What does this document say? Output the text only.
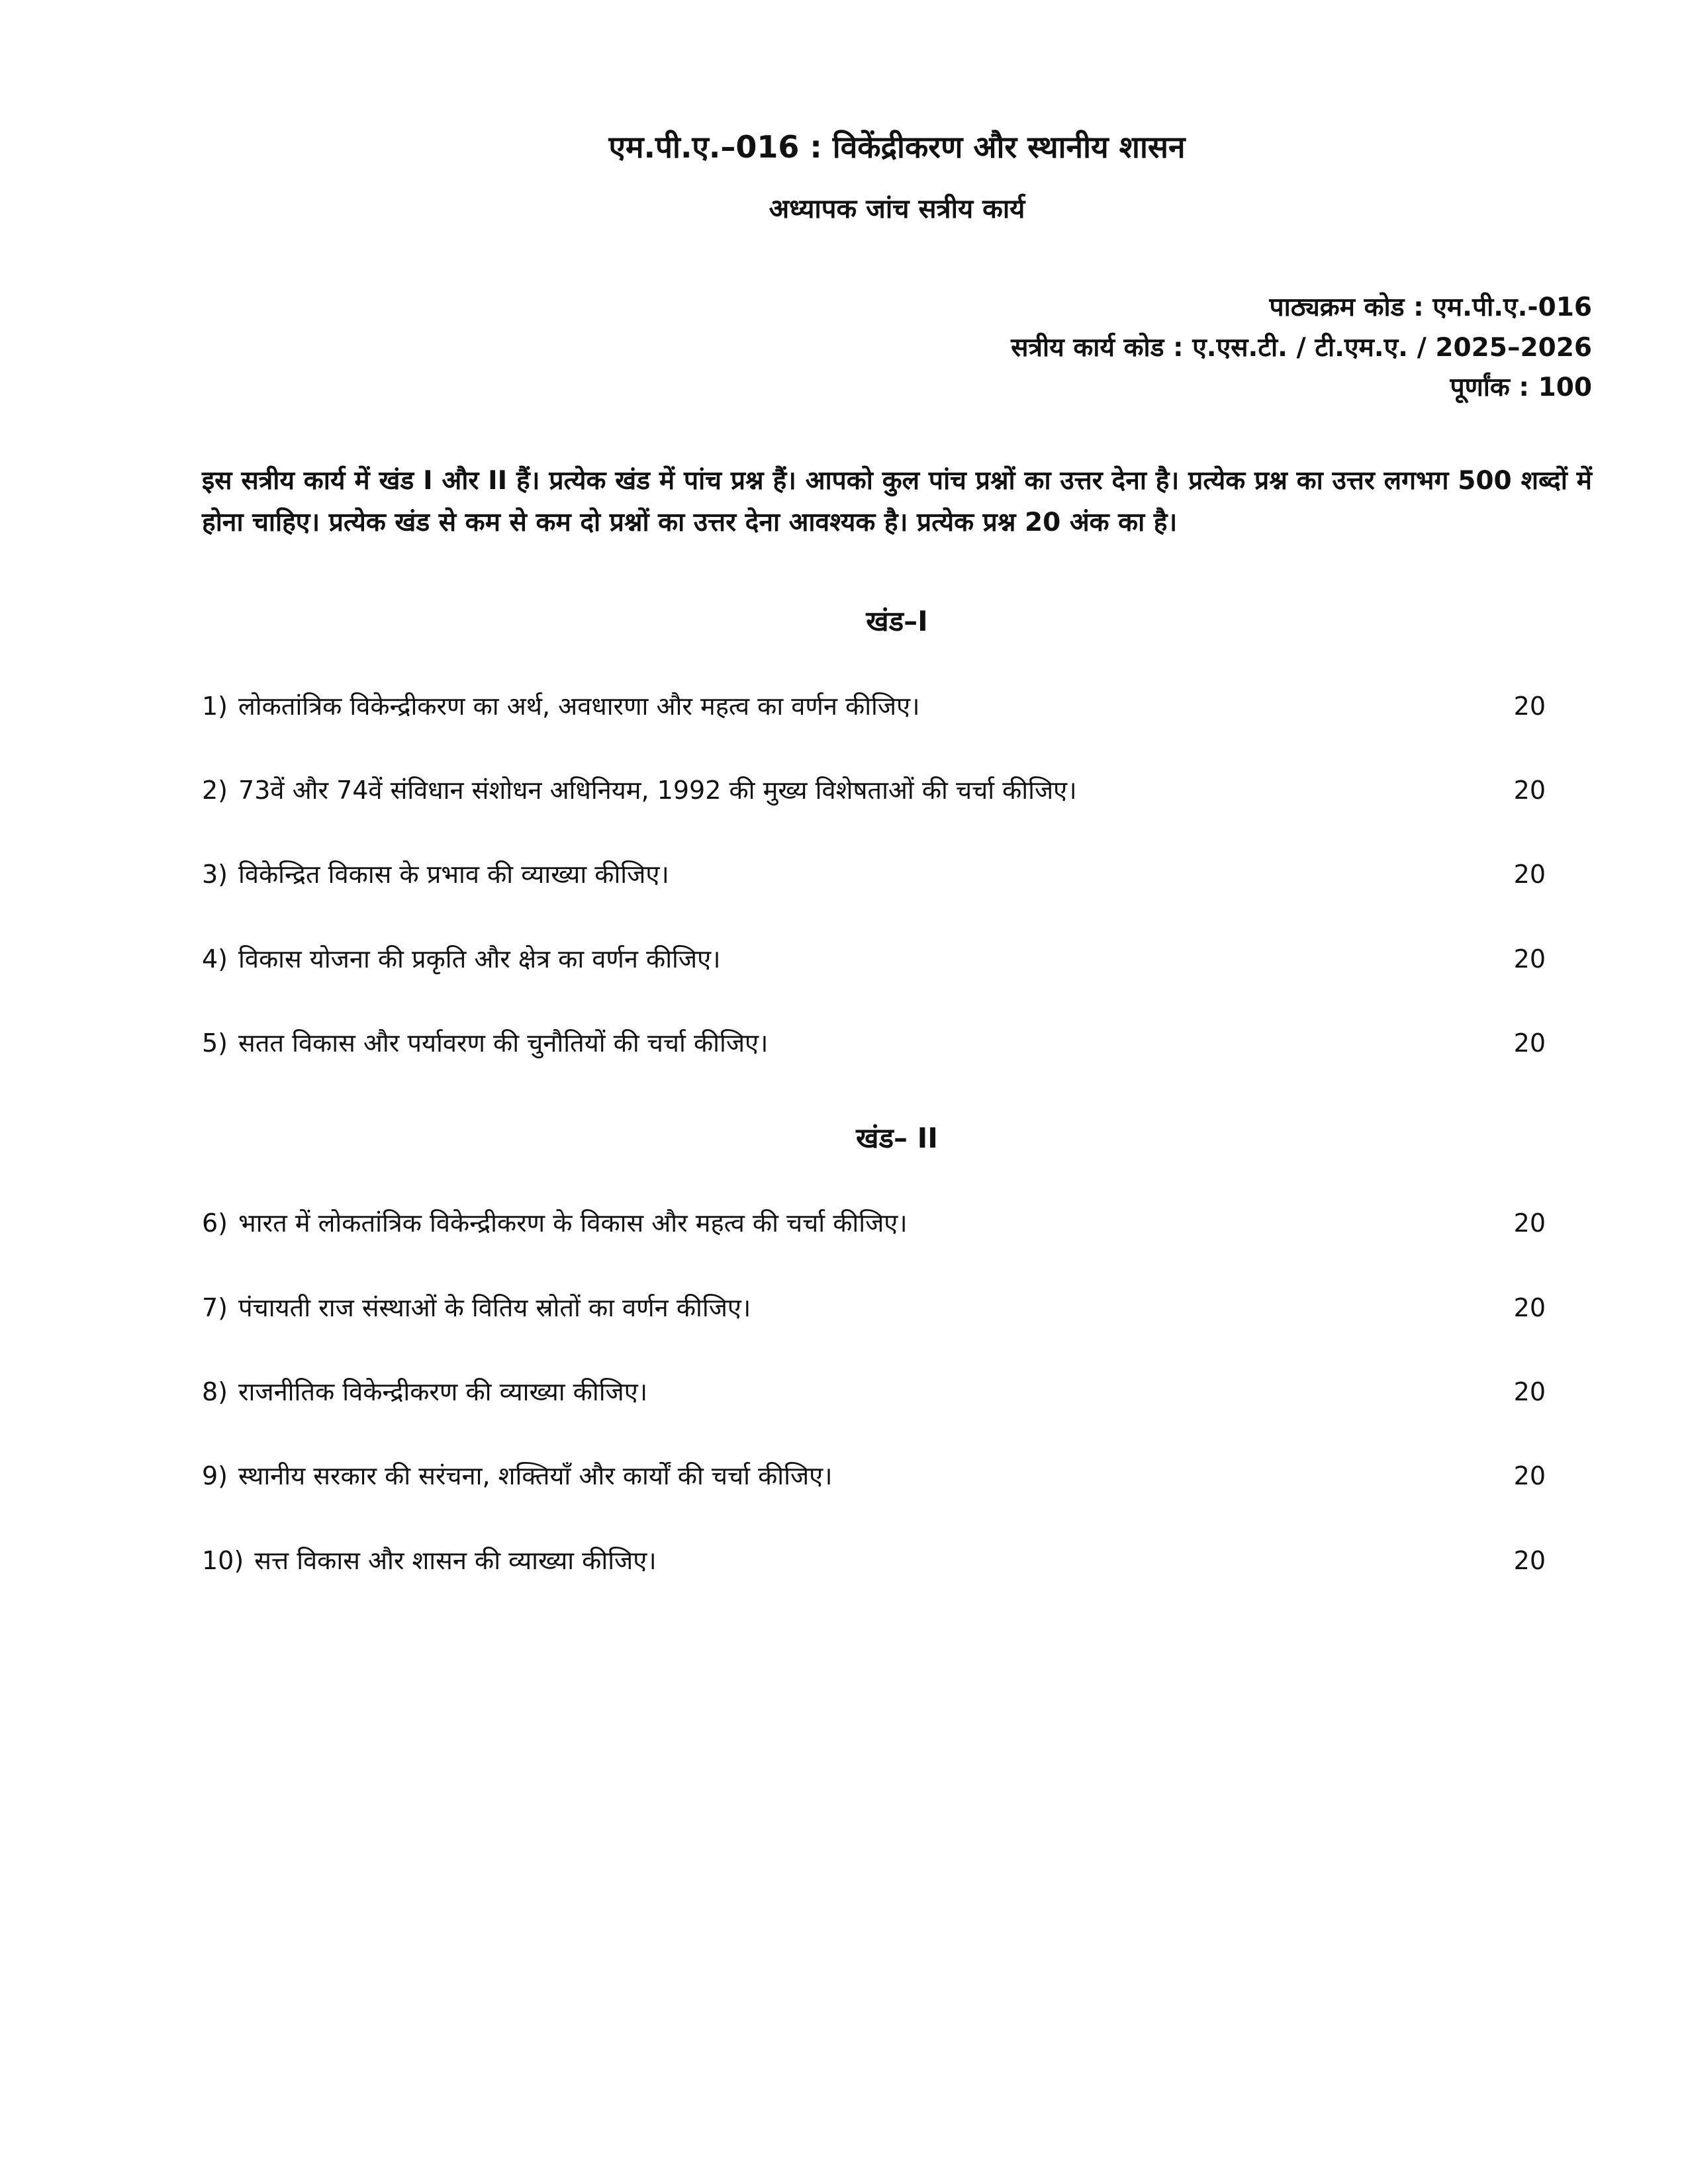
एम.पी.ए.–016 : विकेंद्रीकरण और स्थानीय शासन
अध्यापक जांच सत्रीय कार्य
पाठ्यक्रम कोड : एम.पी.ए.-016
सत्रीय कार्य कोड : ए.एस.टी. / टी.एम.ए. / 2025–2026
पूर्णांक : 100

इस सत्रीय कार्य में खंड I और II हैं। प्रत्येक खंड में पांच प्रश्न हैं। आपको कुल पांच प्रश्नों का उत्तर देना है। प्रत्येक प्रश्न का उत्तर लगभग 500 शब्दों में होना चाहिए। प्रत्येक खंड से कम से कम दो प्रश्नों का उत्तर देना आवश्यक है। प्रत्येक प्रश्न 20 अंक का है।

खंड–I
1) लोकतांत्रिक विकेन्द्रीकरण का अर्थ, अवधारणा और महत्व का वर्णन कीजिए।	20
2) 73वें और 74वें संविधान संशोधन अधिनियम, 1992 की मुख्य विशेषताओं की चर्चा कीजिए।	20
3) विकेन्द्रित विकास के प्रभाव की व्याख्या कीजिए।	20
4) विकास योजना की प्रकृति और क्षेत्र का वर्णन कीजिए।	20
5) सतत विकास और पर्यावरण की चुनौतियों की चर्चा कीजिए।	20
खंड– II
6) भारत में लोकतांत्रिक विकेन्द्रीकरण के विकास और महत्व की चर्चा कीजिए।	20
7) पंचायती राज संस्थाओं के वितिय स्रोतों का वर्णन कीजिए।	20
8) राजनीतिक विकेन्द्रीकरण की व्याख्या कीजिए।	20
9) स्थानीय सरकार की सरंचना, शक्तियाँ और कार्यों की चर्चा कीजिए।	20
10) सत्त विकास और शासन की व्याख्या कीजिए।	20
